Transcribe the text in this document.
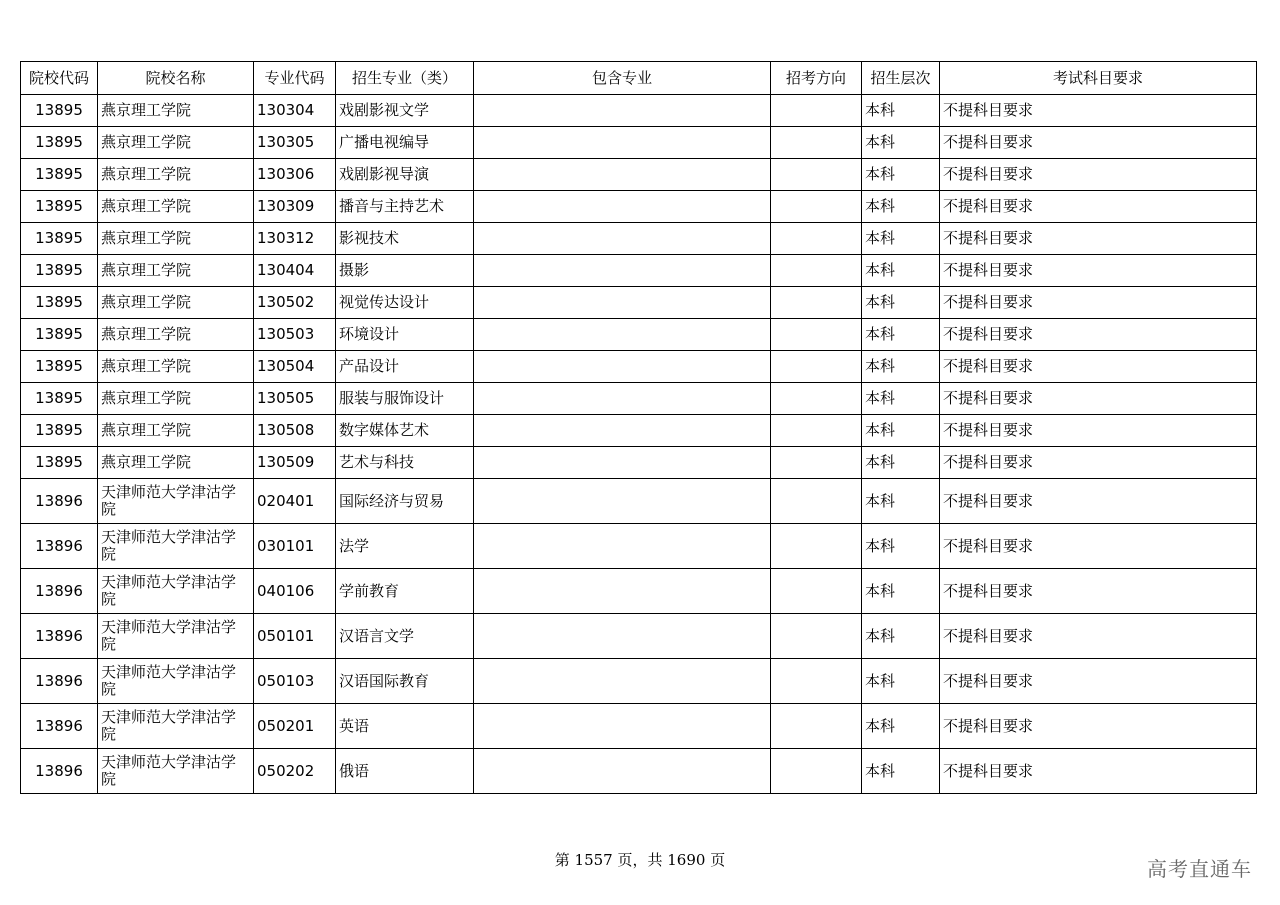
院校代码	院校名称	专业代码	招生专业（类）	包含专业	招考方向	招生层次	考试科目要求
13895	燕京理工学院	130304	戏剧影视文学			本科	不提科目要求
13895	燕京理工学院	130305	广播电视编导			本科	不提科目要求
13895	燕京理工学院	130306	戏剧影视导演			本科	不提科目要求
13895	燕京理工学院	130309	播音与主持艺术			本科	不提科目要求
13895	燕京理工学院	130312	影视技术			本科	不提科目要求
13895	燕京理工学院	130404	摄影			本科	不提科目要求
13895	燕京理工学院	130502	视觉传达设计			本科	不提科目要求
13895	燕京理工学院	130503	环境设计			本科	不提科目要求
13895	燕京理工学院	130504	产品设计			本科	不提科目要求
13895	燕京理工学院	130505	服装与服饰设计			本科	不提科目要求
13895	燕京理工学院	130508	数字媒体艺术			本科	不提科目要求
13895	燕京理工学院	130509	艺术与科技			本科	不提科目要求
13896	天津师范大学津沽学院	020401	国际经济与贸易			本科	不提科目要求
13896	天津师范大学津沽学院	030101	法学			本科	不提科目要求
13896	天津师范大学津沽学院	040106	学前教育			本科	不提科目要求
13896	天津师范大学津沽学院	050101	汉语言文学			本科	不提科目要求
13896	天津师范大学津沽学院	050103	汉语国际教育			本科	不提科目要求
13896	天津师范大学津沽学院	050201	英语			本科	不提科目要求
13896	天津师范大学津沽学院	050202	俄语			本科	不提科目要求
第 1557 页，共 1690 页	高考直通车
